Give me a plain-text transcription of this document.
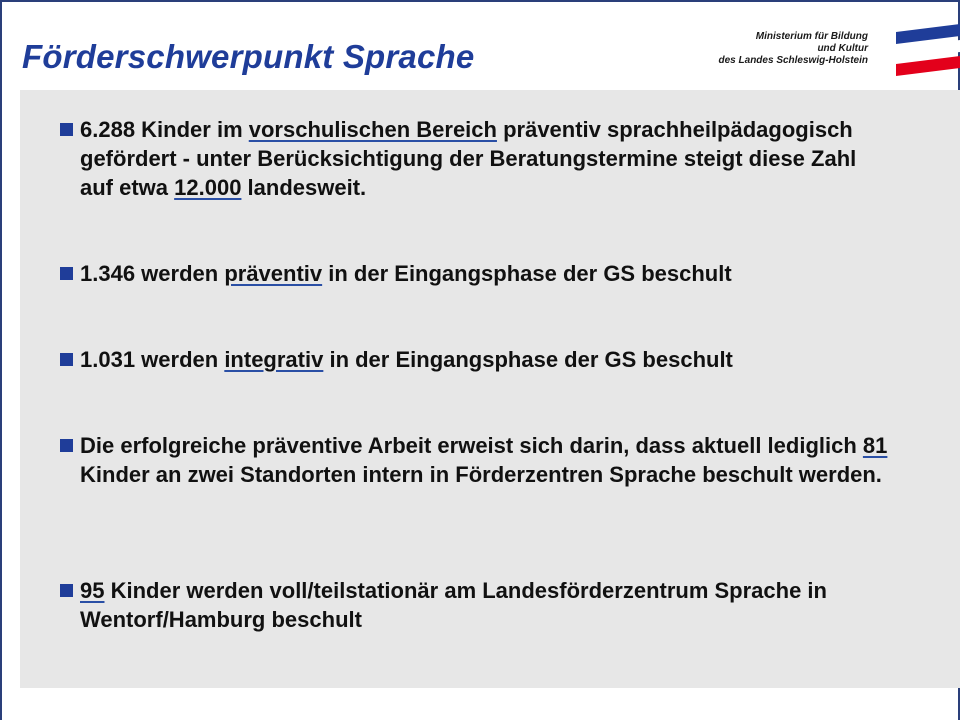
Förderschwerpunkt Sprache
Ministerium für Bildung
und Kultur
des Landes Schleswig-Holstein
6.288 Kinder im vorschulischen Bereich präventiv sprachheilpädagogisch gefördert - unter Berücksichtigung der Beratungstermine steigt diese Zahl auf etwa 12.000 landesweit.
1.346 werden präventiv in der Eingangsphase der GS beschult
1.031 werden integrativ in der Eingangsphase der GS beschult
Die erfolgreiche präventive Arbeit erweist sich darin, dass aktuell lediglich 81 Kinder an zwei Standorten intern in Förderzentren Sprache beschult werden.
95 Kinder werden voll/teilstationär am Landesförderzentrum Sprache in Wentorf/Hamburg beschult
